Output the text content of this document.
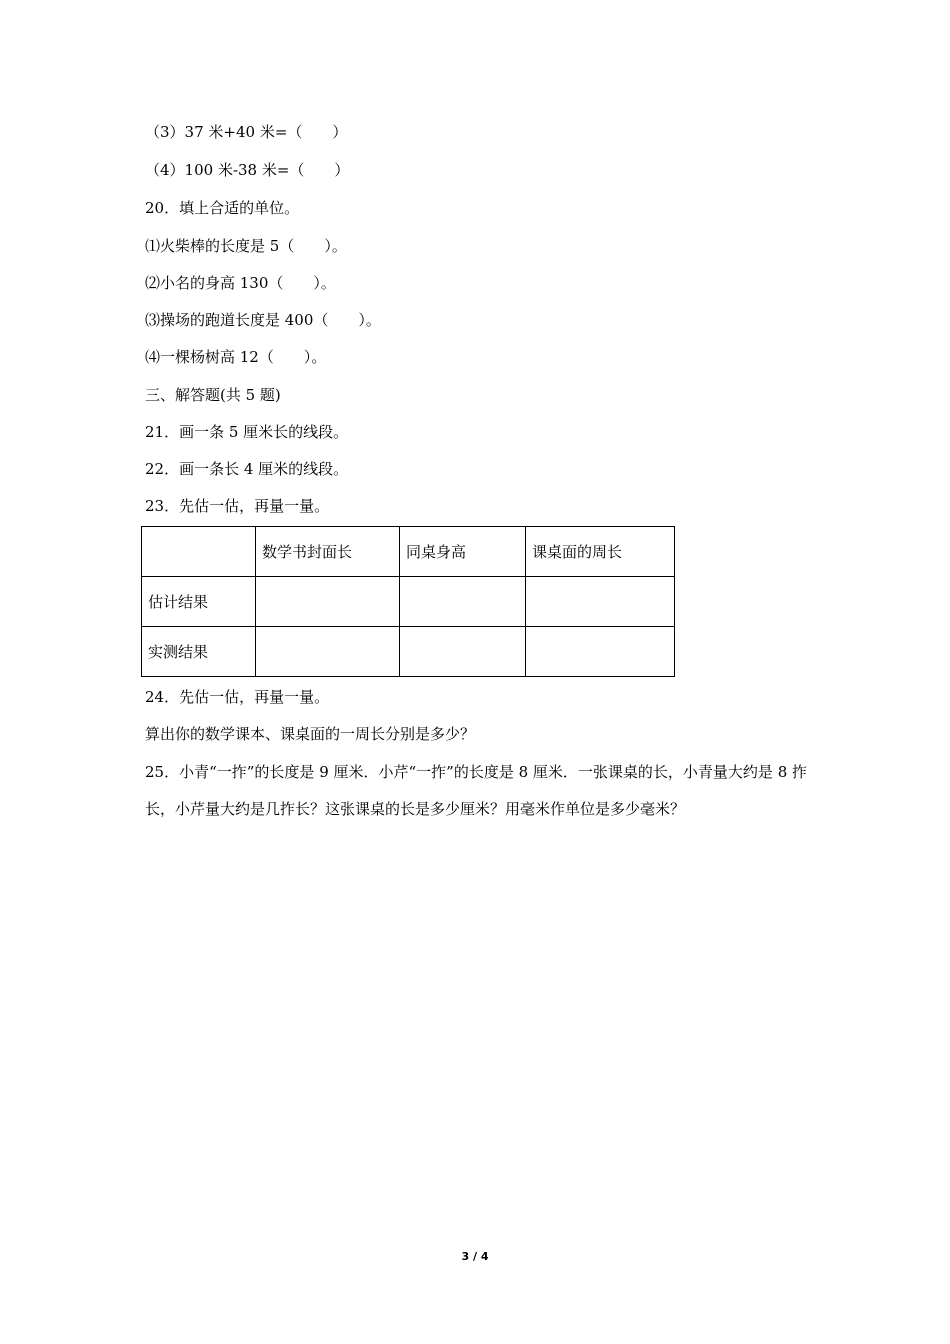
（3）37 米+40 米=（　　）
（4）100 米-38 米=（　　）
20．填上合适的单位。
⑴火柴棒的长度是 5（　　）。
⑵小名的身高 130（　　）。
⑶操场的跑道长度是 400（　　）。
⑷一棵杨树高 12（　　）。
三、解答题(共 5 题)
21．画一条 5 厘米长的线段。
22．画一条长 4 厘米的线段。
23．先估一估，再量一量。
	数学书封面长	同桌身高	课桌面的周长
估计结果			
实测结果			
24．先估一估，再量一量。
算出你的数学课本、课桌面的一周长分别是多少？
25．小青“一拃”的长度是 9 厘米．小芹“一拃”的长度是 8 厘米．一张课桌的长，小青量大约是 8 拃长，小芹量大约是几拃长？这张课桌的长是多少厘米？用毫米作单位是多少毫米？
3 / 4
